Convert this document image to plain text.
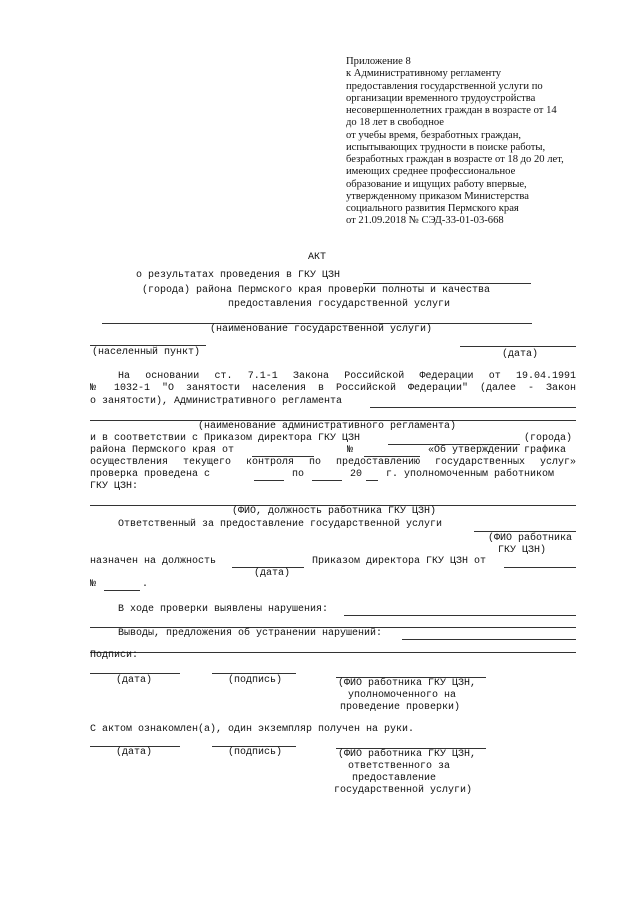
Приложение 8
к Административному регламенту
предоставления государственной услуги по
организации временного трудоустройства
несовершеннолетних граждан в возрасте от 14
до 18 лет в свободное
от учебы время, безработных граждан,
испытывающих трудности в поиске работы,
безработных граждан в возрасте от 18 до 20 лет,
имеющих среднее профессиональное
образование и ищущих работу впервые,
утвержденному приказом Министерства
социального развития Пермского края
от 21.09.2018 № СЭД-33-01-03-668
АКТ
о результатах проведения в ГКУ ЦЗН
(города) района Пермского края проверки полноты и качества
предоставления государственной услуги
(наименование государственной услуги)
(населенный пункт)	(дата)
На основании ст. 7.1-1 Закона Российской Федерации от 19.04.1991
№ 1032-1 "О занятости населения в Российской Федерации" (далее - Закон
о занятости), Административного регламента
(наименование административного регламента)
и в соответствии с Приказом директора ГКУ ЦЗН	(города)
района Пермского края от	№	«Об утверждении графика
осуществления текущего контроля по предоставлению государственных услуг»
проверка проведена с	по	20 г. уполномоченным работником
ГКУ ЦЗН:
(ФИО, должность работника ГКУ ЦЗН)
Ответственный за предоставление государственной услуги
(ФИО работника
ГКУ ЦЗН)
назначен на должность	Приказом директора ГКУ ЦЗН от
(дата)
№	.
В ходе проверки выявлены нарушения:
Выводы, предложения об устранении нарушений:
Подписи:
(дата)	(подпись)	(ФИО работника ГКУ ЦЗН,
уполномоченного на
проведение проверки)
С актом ознакомлен(а), один экземпляр получен на руки.
(дата)	(подпись)	(ФИО работника ГКУ ЦЗН,
ответственного за
предоставление
государственной услуги)
